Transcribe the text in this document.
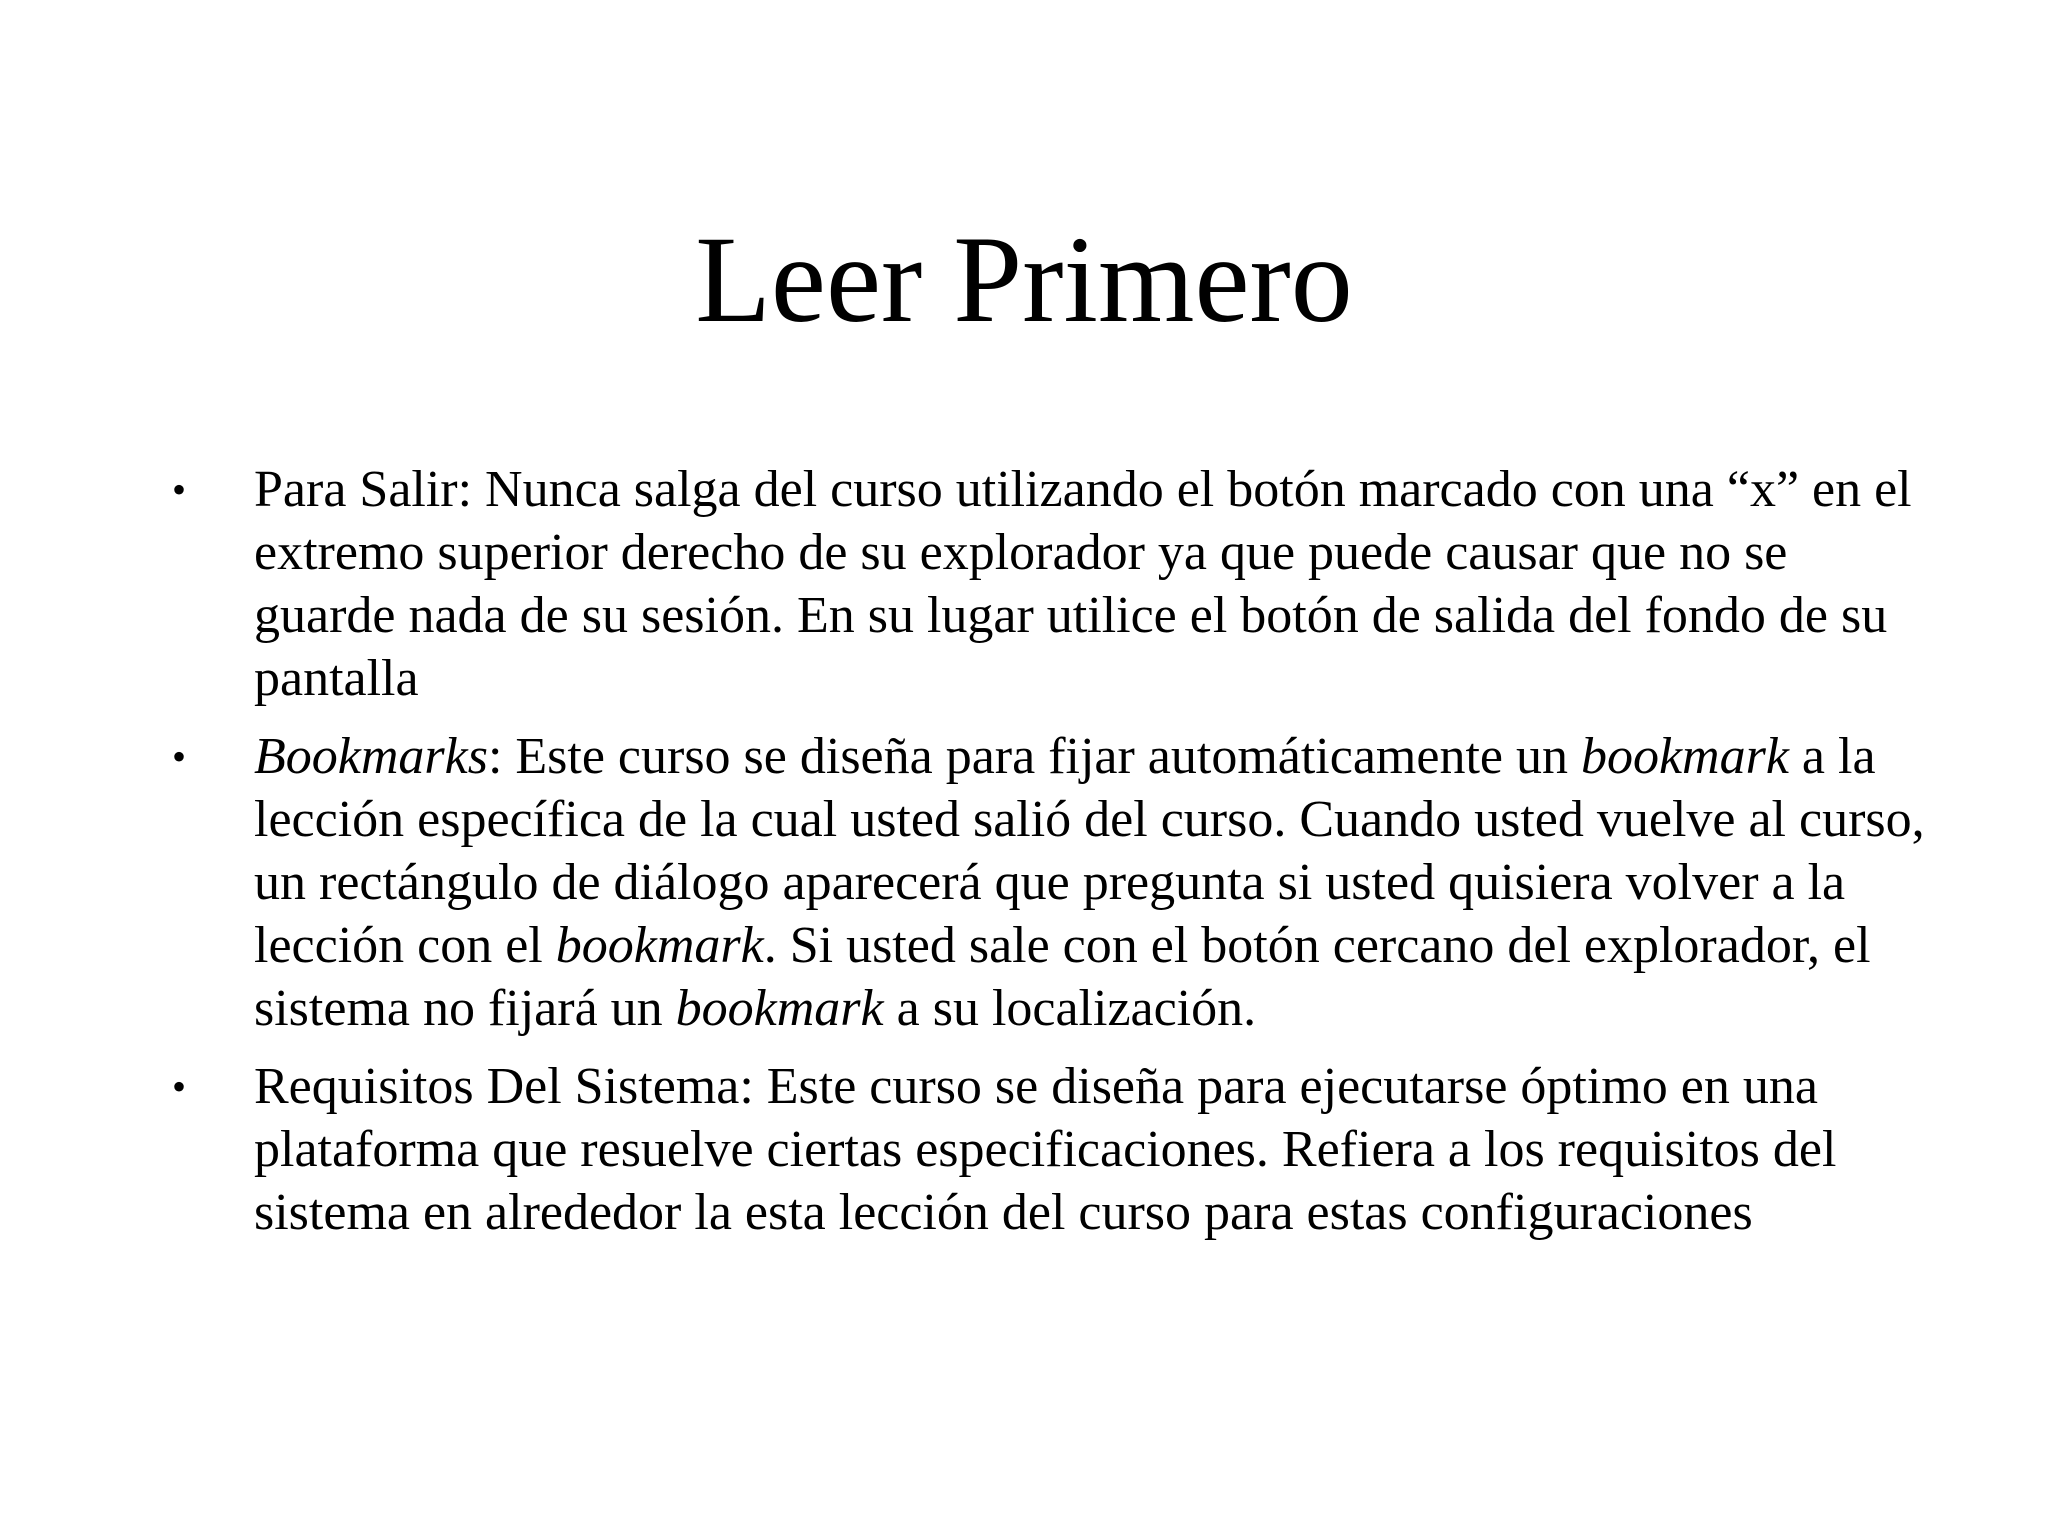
Leer Primero
• Para Salir: Nunca salga del curso utilizando el botón marcado con una “x” en el extremo superior derecho de su explorador ya que puede causar que no se guarde nada de su sesión. En su lugar utilice el botón de salida del fondo de su pantalla
• Bookmarks: Este curso se diseña para fijar automáticamente un bookmark a la lección específica de la cual usted salió del curso. Cuando usted vuelve al curso, un rectángulo de diálogo aparecerá que pregunta si usted quisiera volver a la lección con el bookmark. Si usted sale con el botón cercano del explorador, el sistema no fijará un bookmark a su localización.
• Requisitos Del Sistema: Este curso se diseña para ejecutarse óptimo en una plataforma que resuelve ciertas especificaciones. Refiera a los requisitos del sistema en alrededor la esta lección del curso para estas configuraciones
